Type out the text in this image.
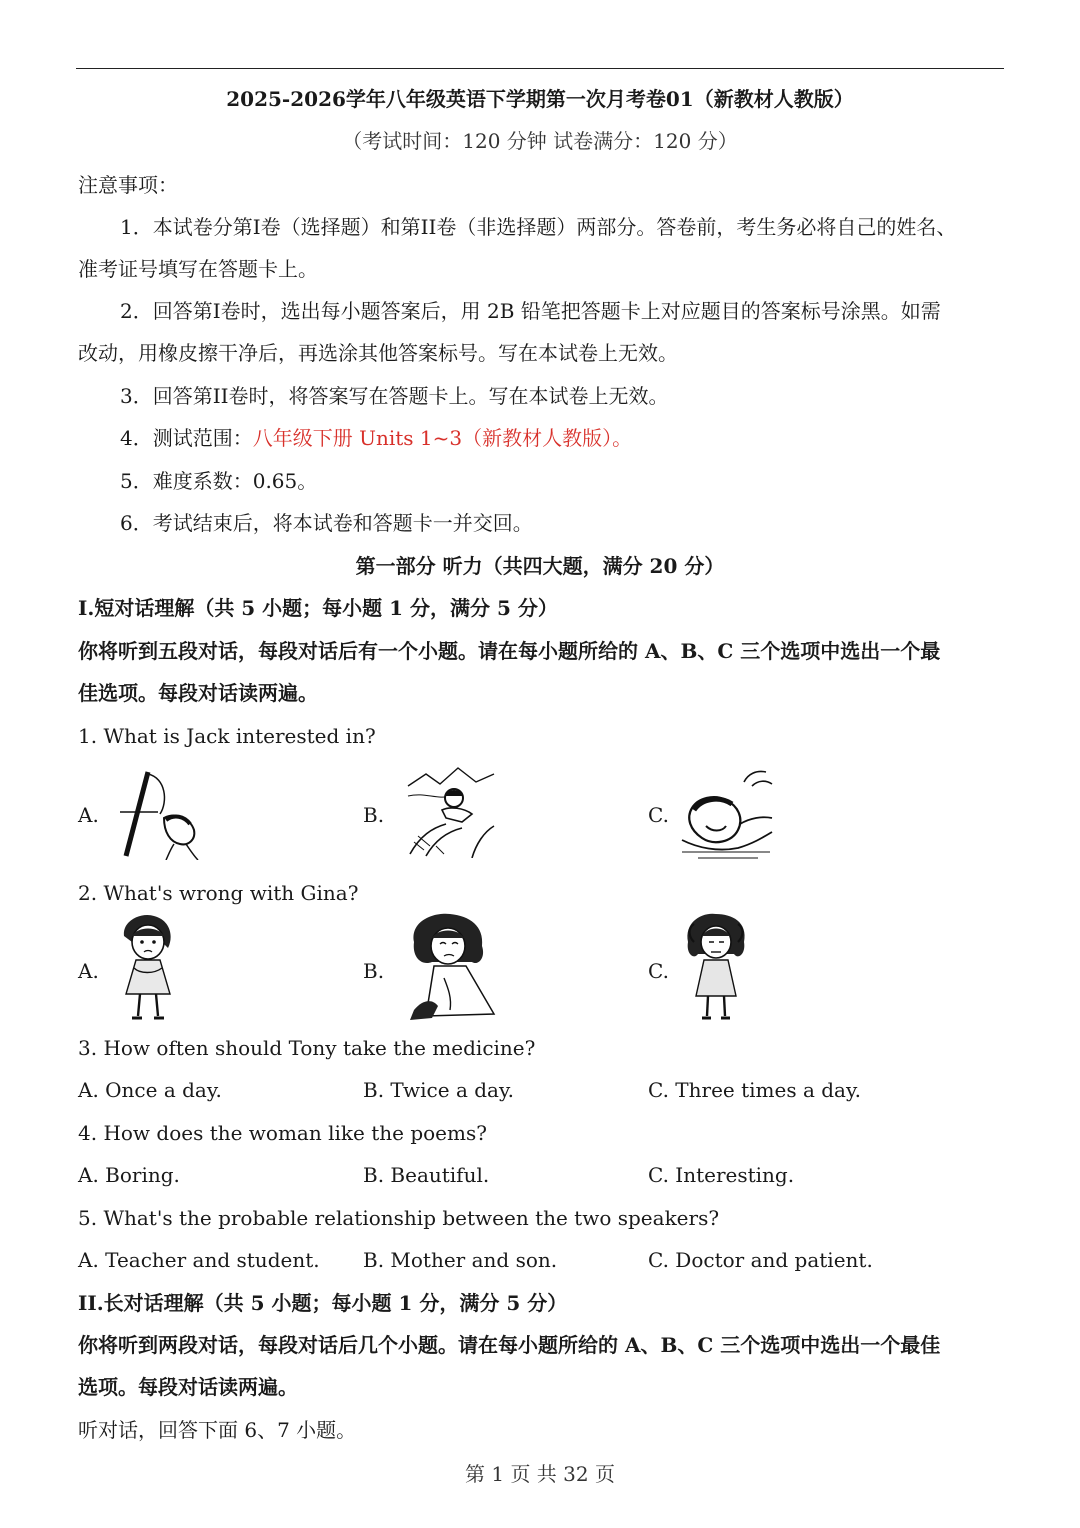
2025-2026学年八年级英语下学期第一次月考卷01（新教材人教版）
（考试时间：120 分钟 试卷满分：120 分）
注意事项：
1．本试卷分第I卷（选择题）和第II卷（非选择题）两部分。答卷前，考生务必将自己的姓名、
准考证号填写在答题卡上。
2．回答第I卷时，选出每小题答案后，用 2B 铅笔把答题卡上对应题目的答案标号涂黑。如需
改动，用橡皮擦干净后，再选涂其他答案标号。写在本试卷上无效。
3．回答第II卷时，将答案写在答题卡上。写在本试卷上无效。
4．测试范围：八年级下册 Units 1~3（新教材人教版）。
5．难度系数：0.65。
6．考试结束后，将本试卷和答题卡一并交回。
第一部分 听力（共四大题，满分 20 分）
I.短对话理解（共 5 小题；每小题 1 分，满分 5 分）
你将听到五段对话，每段对话后有一个小题。请在每小题所给的 A、B、C 三个选项中选出一个最
佳选项。每段对话读两遍。
1. What is Jack interested in?
A.	B.	C.
2. What's wrong with Gina?
A.	B.	C.
3. How often should Tony take the medicine?
A. Once a day.	B. Twice a day.	C. Three times a day.
4. How does the woman like the poems?
A. Boring.	B. Beautiful.	C. Interesting.
5. What's the probable relationship between the two speakers?
A. Teacher and student. B. Mother and son.	C. Doctor and patient.
II.长对话理解（共 5 小题；每小题 1 分，满分 5 分）
你将听到两段对话，每段对话后几个小题。请在每小题所给的 A、B、C 三个选项中选出一个最佳
选项。每段对话读两遍。
听对话，回答下面 6、7 小题。
第 1 页 共 32 页
